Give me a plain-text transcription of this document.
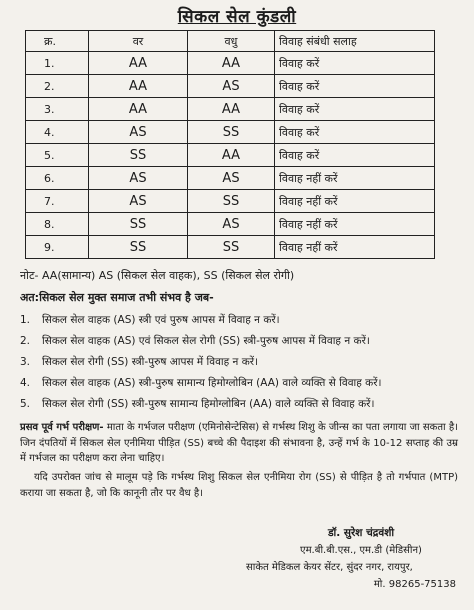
सिकल सेल कुंडली
क्र.	वर	वधु	विवाह संबंधी सलाह
1.	AA	AA	विवाह करें
2.	AA	AS	विवाह करें
3.	AA	AA	विवाह करें
4.	AS	SS	विवाह करें
5.	SS	AA	विवाह करें
6.	AS	AS	विवाह नहीं करें
7.	AS	SS	विवाह नहीं करें
8.	SS	AS	विवाह नहीं करें
9.	SS	SS	विवाह नहीं करें
नोट- AA(सामान्य) AS (सिकल सेल वाहक), SS (सिकल सेल रोगी)
अत:सिकल सेल मुक्त समाज तभी संभव है जब-
1. सिकल सेल वाहक (AS) स्त्री एवं पुरुष आपस में विवाह न करें।
2. सिकल सेल वाहक (AS) एवं सिकल सेल रोगी (SS) स्त्री-पुरुष आपस में विवाह न करें।
3. सिकल सेल रोगी (SS) स्त्री-पुरुष आपस में विवाह न करें।
4. सिकल सेल वाहक (AS) स्त्री-पुरुष सामान्य हिमोग्लोबिन (AA) वाले व्यक्ति से विवाह करें।
5. सिकल सेल रोगी (SS) स्त्री-पुरुष सामान्य हिमोग्लोबिन (AA) वाले व्यक्ति से विवाह करें।
प्रसव पूर्व गर्भ परीक्षण- माता के गर्भजल परीक्षण (एमिनोसेन्टेसिस) से गर्भस्थ शिशु के जीन्स का पता लगाया जा सकता है। जिन दंपतियों में सिकल सेल एनीमिया पीड़ित (SS) बच्चे की पैदाइश की संभावना है, उन्हें गर्भ के 10-12 सप्ताह की उम्र में गर्भजल का परीक्षण करा लेना चाहिए।
यदि उपरोक्त जांच से मालूम पड़े कि गर्भस्थ शिशु सिकल सेल एनीमिया रोग (SS) से पीड़ित है तो गर्भपात (MTP) कराया जा सकता है, जो कि कानूनी तौर पर वैध है।
डॉ. सुरेश चंद्रवंशी
एम.बी.बी.एस., एम.डी (मेडिसीन)
साकेत मेडिकल केयर सेंटर, सुंदर नगर, रायपुर,
मो. 98265-75138
